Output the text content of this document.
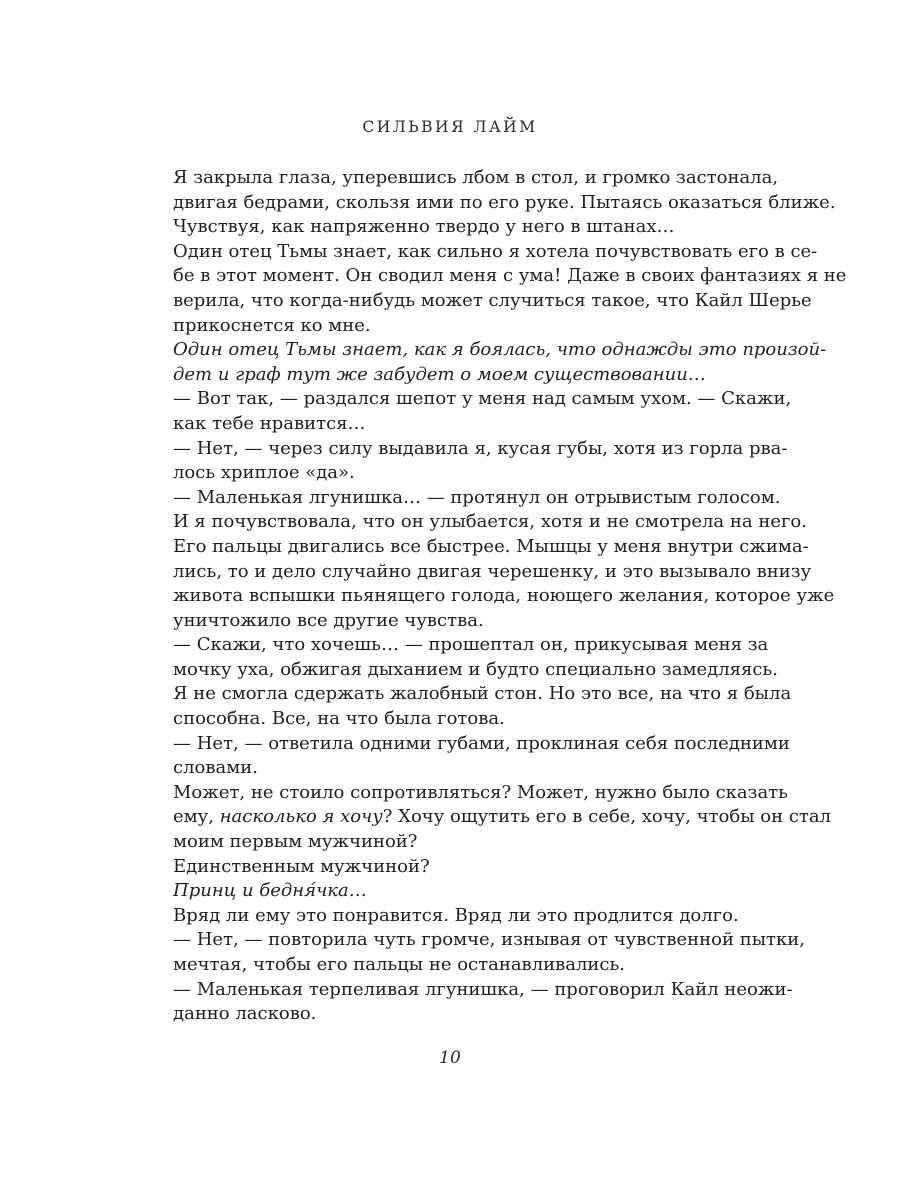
СИЛЬВИЯ ЛАЙМ

Я закрыла глаза, уперевшись лбом в стол, и громко застонала,
двигая бедрами, скользя ими по его руке. Пытаясь оказаться ближе.

Чувствуя, как напряженно твердо у него в штанах…

Один отец Тьмы знает, как сильно я хотела почувствовать его в се-
бе в этот момент. Он сводил меня с ума! Даже в своих фантазиях я не
верила, что когда-нибудь может случиться такое, что Кайл Шерье
прикоснется ко мне.

Один отец Тьмы знает, как я боялась, что однажды это произой-
дет и граф тут же забудет о моем существовании…

— Вот так, — раздался шепот у меня над самым ухом. — Скажи,
как тебе нравится…

— Нет, — через силу выдавила я, кусая губы, хотя из горла рва-
лось хриплое «да».

— Маленькая лгунишка… — протянул он отрывистым голосом.
И я почувствовала, что он улыбается, хотя и не смотрела на него.

Его пальцы двигались все быстрее. Мышцы у меня внутри сжима-
лись, то и дело случайно двигая черешенку, и это вызывало внизу
живота вспышки пьянящего голода, ноющего желания, которое уже
уничтожило все другие чувства.

— Скажи, что хочешь… — прошептал он, прикусывая меня за
мочку уха, обжигая дыханием и будто специально замедляясь.

Я не смогла сдержать жалобный стон. Но это все, на что я была
способна. Все, на что была готова.

— Нет, — ответила одними губами, проклиная себя последними
словами.

Может, не стоило сопротивляться? Может, нужно было сказать
ему, насколько я хочу? Хочу ощутить его в себе, хочу, чтобы он стал
моим первым мужчиной?

Единственным мужчиной?

Принц и бедня́чка…

Вряд ли ему это понравится. Вряд ли это продлится долго.

— Нет, — повторила чуть громче, изнывая от чувственной пытки,
мечтая, чтобы его пальцы не останавливались.

— Маленькая терпеливая лгунишка, — проговорил Кайл неожи-
данно ласково.

10
